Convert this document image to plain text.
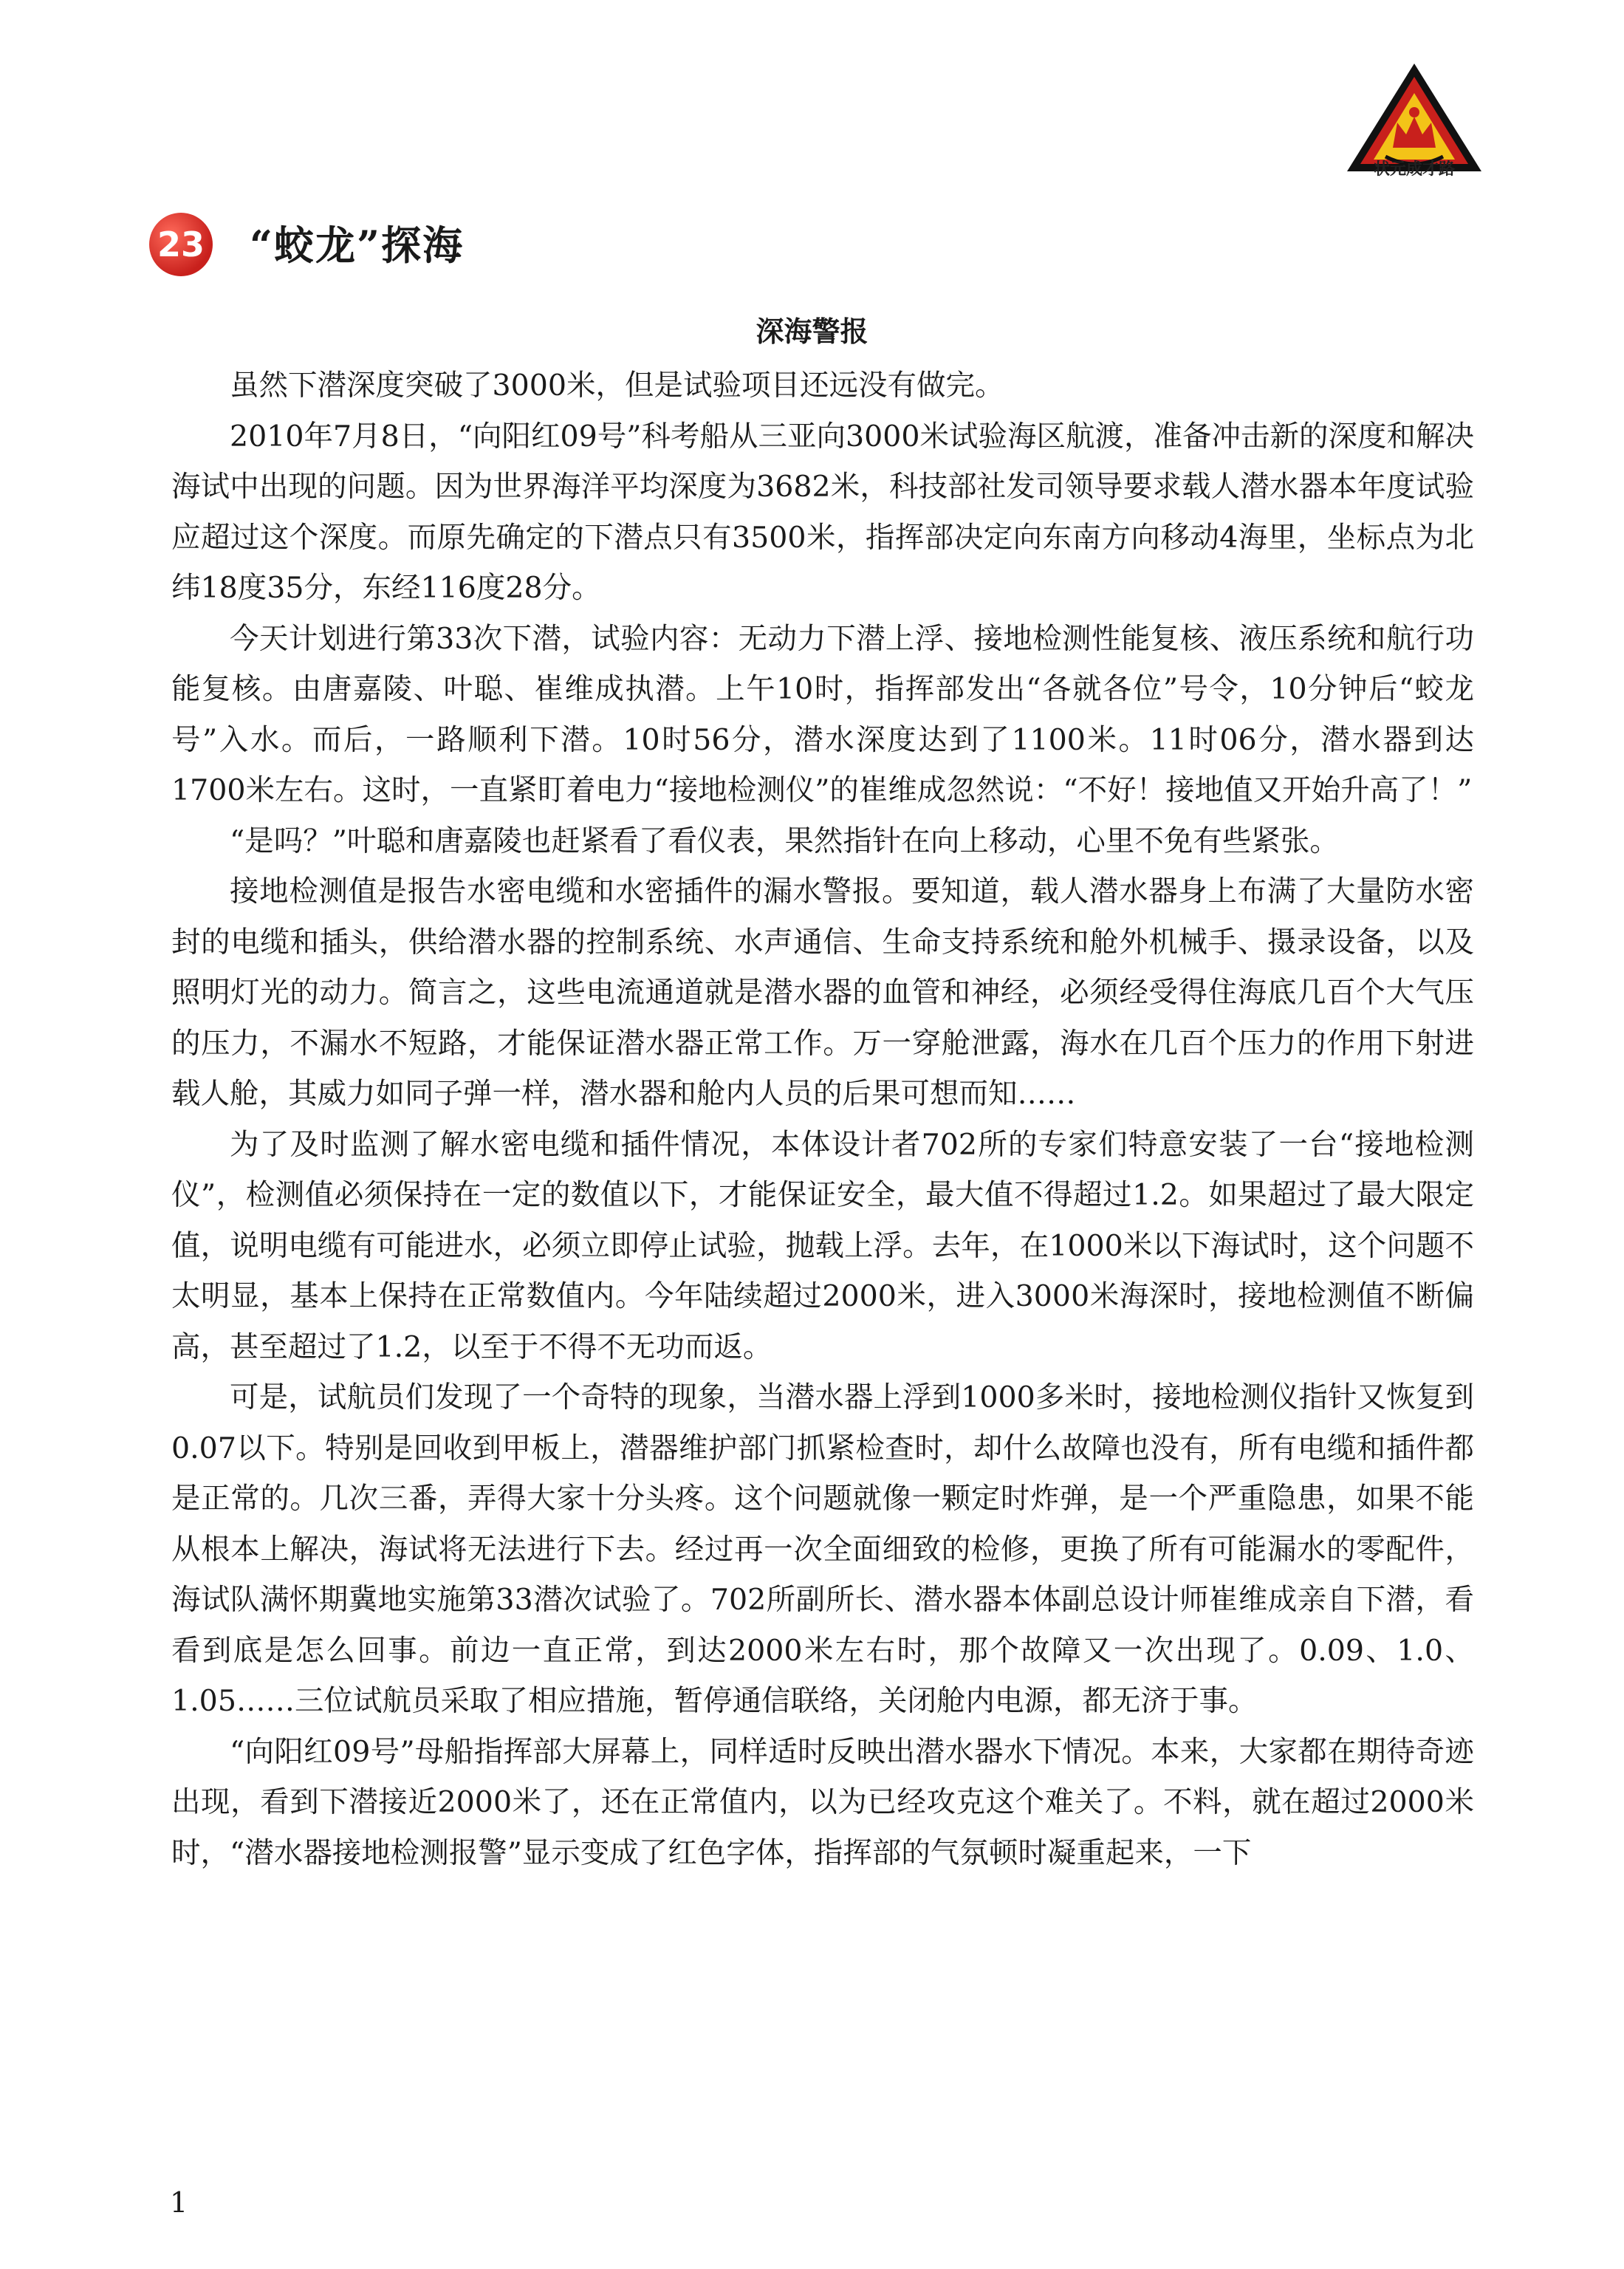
状元成才路
23 “蛟龙”探海
深海警报

虽然下潜深度突破了3000米，但是试验项目还远没有做完。

2010年7月8日，“向阳红09号”科考船从三亚向3000米试验海区航渡，准备冲击新的深度和解决海试中出现的问题。因为世界海洋平均深度为3682米，科技部社发司领导要求载人潜水器本年度试验应超过这个深度。而原先确定的下潜点只有3500米，指挥部决定向东南方向移动4海里，坐标点为北纬18度35分，东经116度28分。

今天计划进行第33次下潜，试验内容：无动力下潜上浮、接地检测性能复核、液压系统和航行功能复核。由唐嘉陵、叶聪、崔维成执潜。上午10时，指挥部发出“各就各位”号令，10分钟后“蛟龙号”入水。而后，一路顺利下潜。10时56分，潜水深度达到了1100米。11时06分，潜水器到达1700米左右。这时，一直紧盯着电力“接地检测仪”的崔维成忽然说：“不好！接地值又开始升高了！”

“是吗？”叶聪和唐嘉陵也赶紧看了看仪表，果然指针在向上移动，心里不免有些紧张。

接地检测值是报告水密电缆和水密插件的漏水警报。要知道，载人潜水器身上布满了大量防水密封的电缆和插头，供给潜水器的控制系统、水声通信、生命支持系统和舱外机械手、摄录设备，以及照明灯光的动力。简言之，这些电流通道就是潜水器的血管和神经，必须经受得住海底几百个大气压的压力，不漏水不短路，才能保证潜水器正常工作。万一穿舱泄露，海水在几百个压力的作用下射进载人舱，其威力如同子弹一样，潜水器和舱内人员的后果可想而知……

为了及时监测了解水密电缆和插件情况，本体设计者702所的专家们特意安装了一台“接地检测仪”，检测值必须保持在一定的数值以下，才能保证安全，最大值不得超过1.2。如果超过了最大限定值，说明电缆有可能进水，必须立即停止试验，抛载上浮。去年，在1000米以下海试时，这个问题不太明显，基本上保持在正常数值内。今年陆续超过2000米，进入3000米海深时，接地检测值不断偏高，甚至超过了1.2，以至于不得不无功而返。

可是，试航员们发现了一个奇特的现象，当潜水器上浮到1000多米时，接地检测仪指针又恢复到0.07以下。特别是回收到甲板上，潜器维护部门抓紧检查时，却什么故障也没有，所有电缆和插件都是正常的。几次三番，弄得大家十分头疼。这个问题就像一颗定时炸弹，是一个严重隐患，如果不能从根本上解决，海试将无法进行下去。经过再一次全面细致的检修，更换了所有可能漏水的零配件，海试队满怀期冀地实施第33潜次试验了。702所副所长、潜水器本体副总设计师崔维成亲自下潜，看看到底是怎么回事。前边一直正常，到达2000米左右时，那个故障又一次出现了。0.09、1.0、1.05……三位试航员采取了相应措施，暂停通信联络，关闭舱内电源，都无济于事。

“向阳红09号”母船指挥部大屏幕上，同样适时反映出潜水器水下情况。本来，大家都在期待奇迹出现，看到下潜接近2000米了，还在正常值内，以为已经攻克这个难关了。不料，就在超过2000米时，“潜水器接地检测报警”显示变成了红色字体，指挥部的气氛顿时凝重起来，一下

1
